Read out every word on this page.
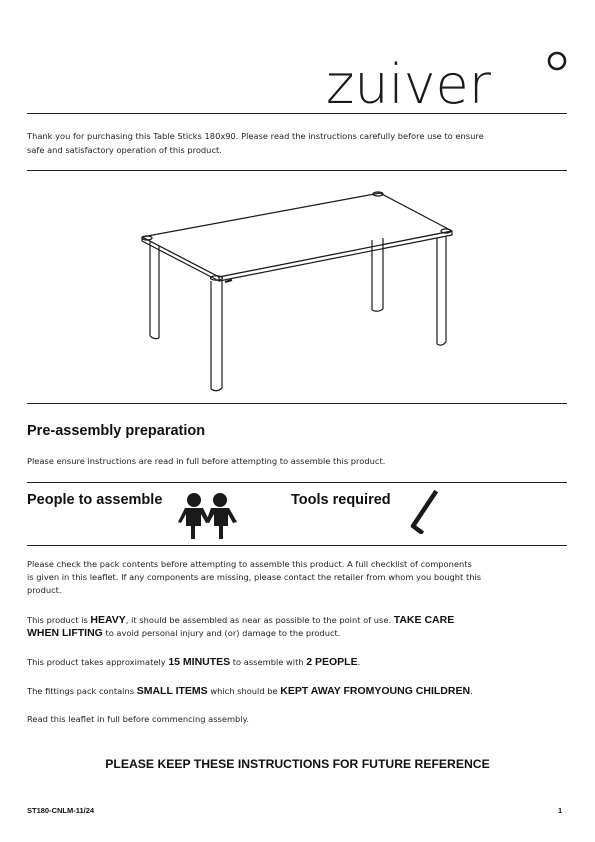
zuiver
Thank you for purchasing this Table Sticks 180x90. Please read the instructions carefully before use to ensure
safe and satisfactory operation of this product.
Pre-assembly preparation
Please ensure instructions are read in full before attempting to assemble this product.
People to assemble	Tools required
Please check the pack contents before attempting to assemble this product. A full checklist of components
is given in this leaflet. If any components are missing, please contact the retailer from whom you bought this
product.
This product is HEAVY, it should be assembled as near as possible to the point of use. TAKE CARE
WHEN LIFTING to avoid personal injury and (or) damage to the product.
This product takes approximately 15 MINUTES to assemble with 2 PEOPLE.
The fittings pack contains SMALL ITEMS which should be KEPT AWAY FROMYOUNG CHILDREN.
Read this leaflet in full before commencing assembly.
PLEASE KEEP THESE INSTRUCTIONS FOR FUTURE REFERENCE
ST180-CNLM-11/24	1
